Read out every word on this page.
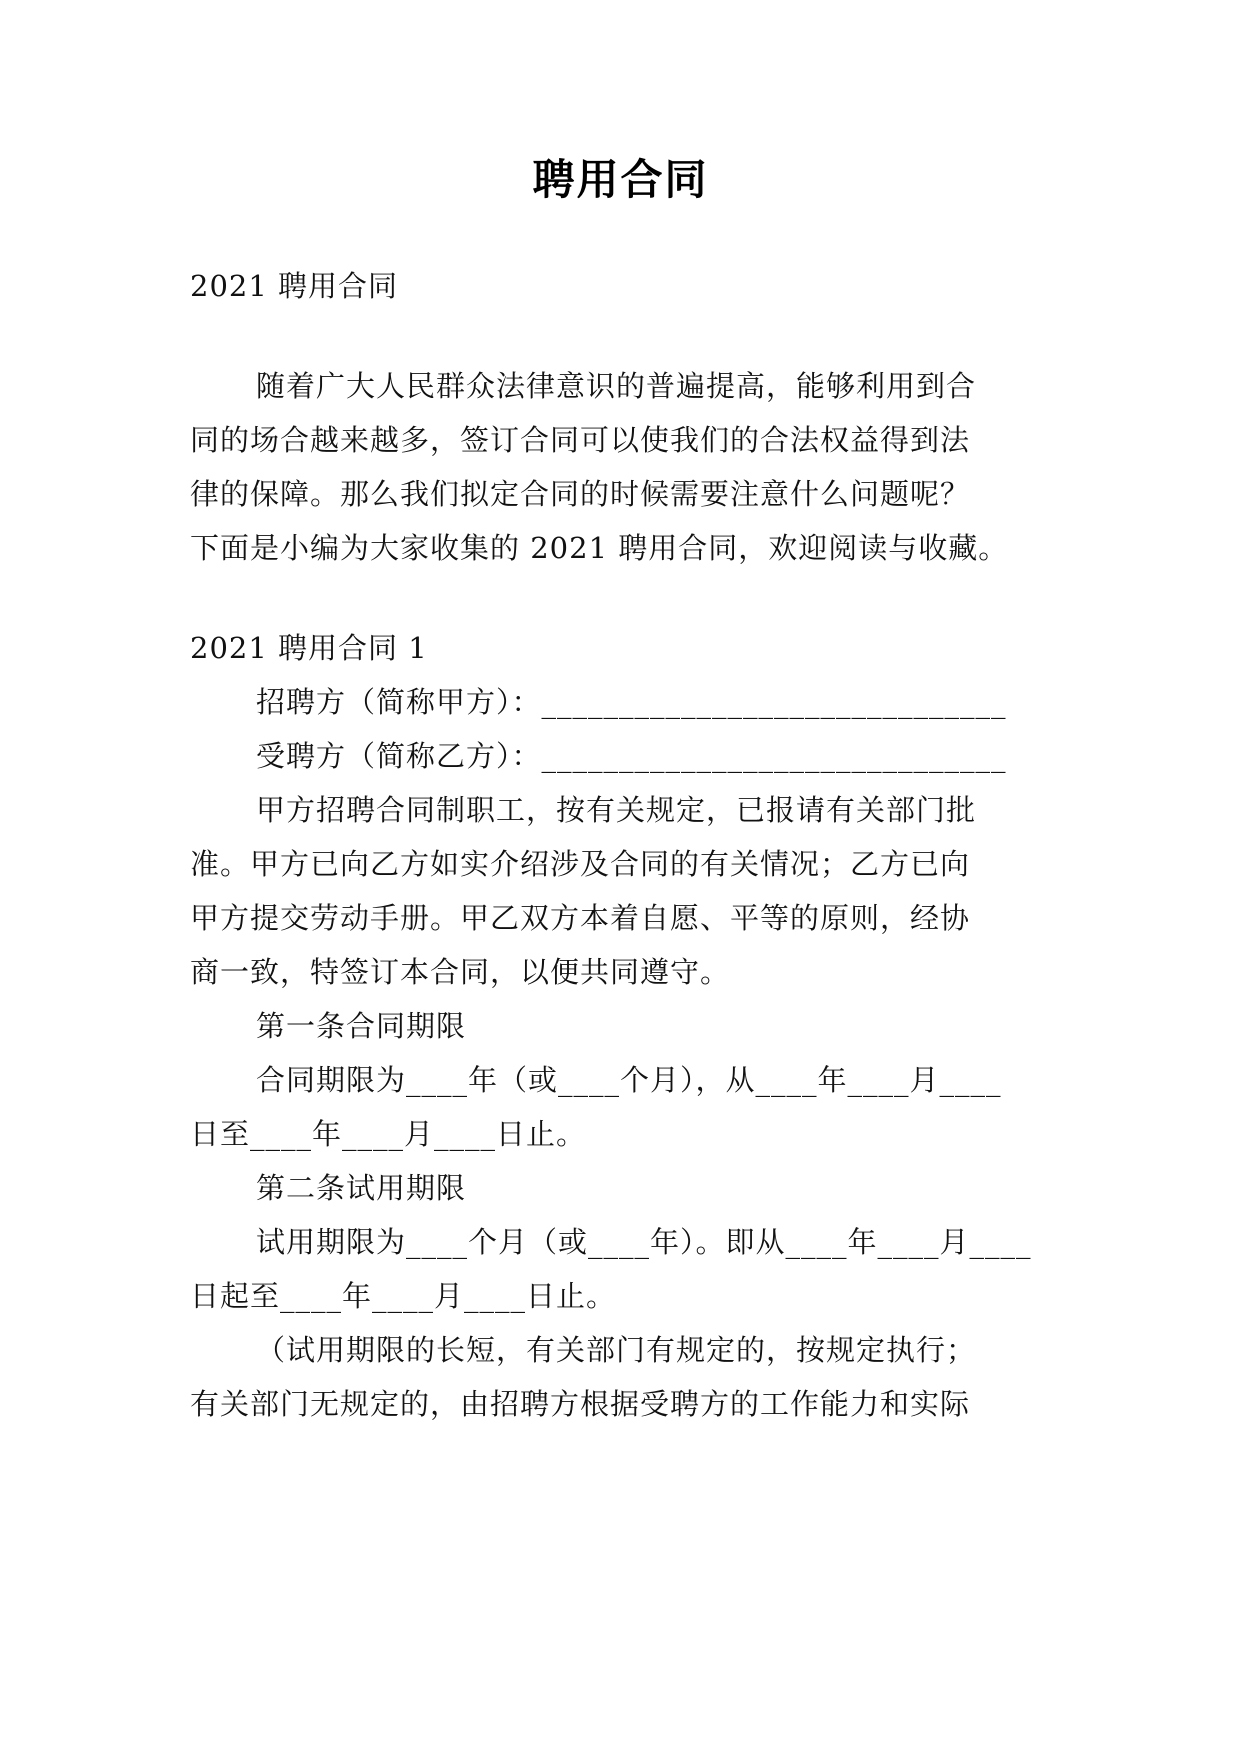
聘用合同
2021 聘用合同
随着广大人民群众法律意识的普遍提高，能够利用到合
同的场合越来越多，签订合同可以使我们的合法权益得到法
律的保障。那么我们拟定合同的时候需要注意什么问题呢？
下面是小编为大家收集的 2021 聘用合同，欢迎阅读与收藏。
2021 聘用合同 1
招聘方（简称甲方）：______________________________
受聘方（简称乙方）：______________________________
甲方招聘合同制职工，按有关规定，已报请有关部门批
准。甲方已向乙方如实介绍涉及合同的有关情况；乙方已向
甲方提交劳动手册。甲乙双方本着自愿、平等的原则，经协
商一致，特签订本合同，以便共同遵守。
第一条合同期限
合同期限为____年（或____个月），从____年____月____
日至____年____月____日止。
第二条试用期限
试用期限为____个月（或____年）。即从____年____月____
日起至____年____月____日止。
（试用期限的长短，有关部门有规定的，按规定执行；
有关部门无规定的，由招聘方根据受聘方的工作能力和实际
